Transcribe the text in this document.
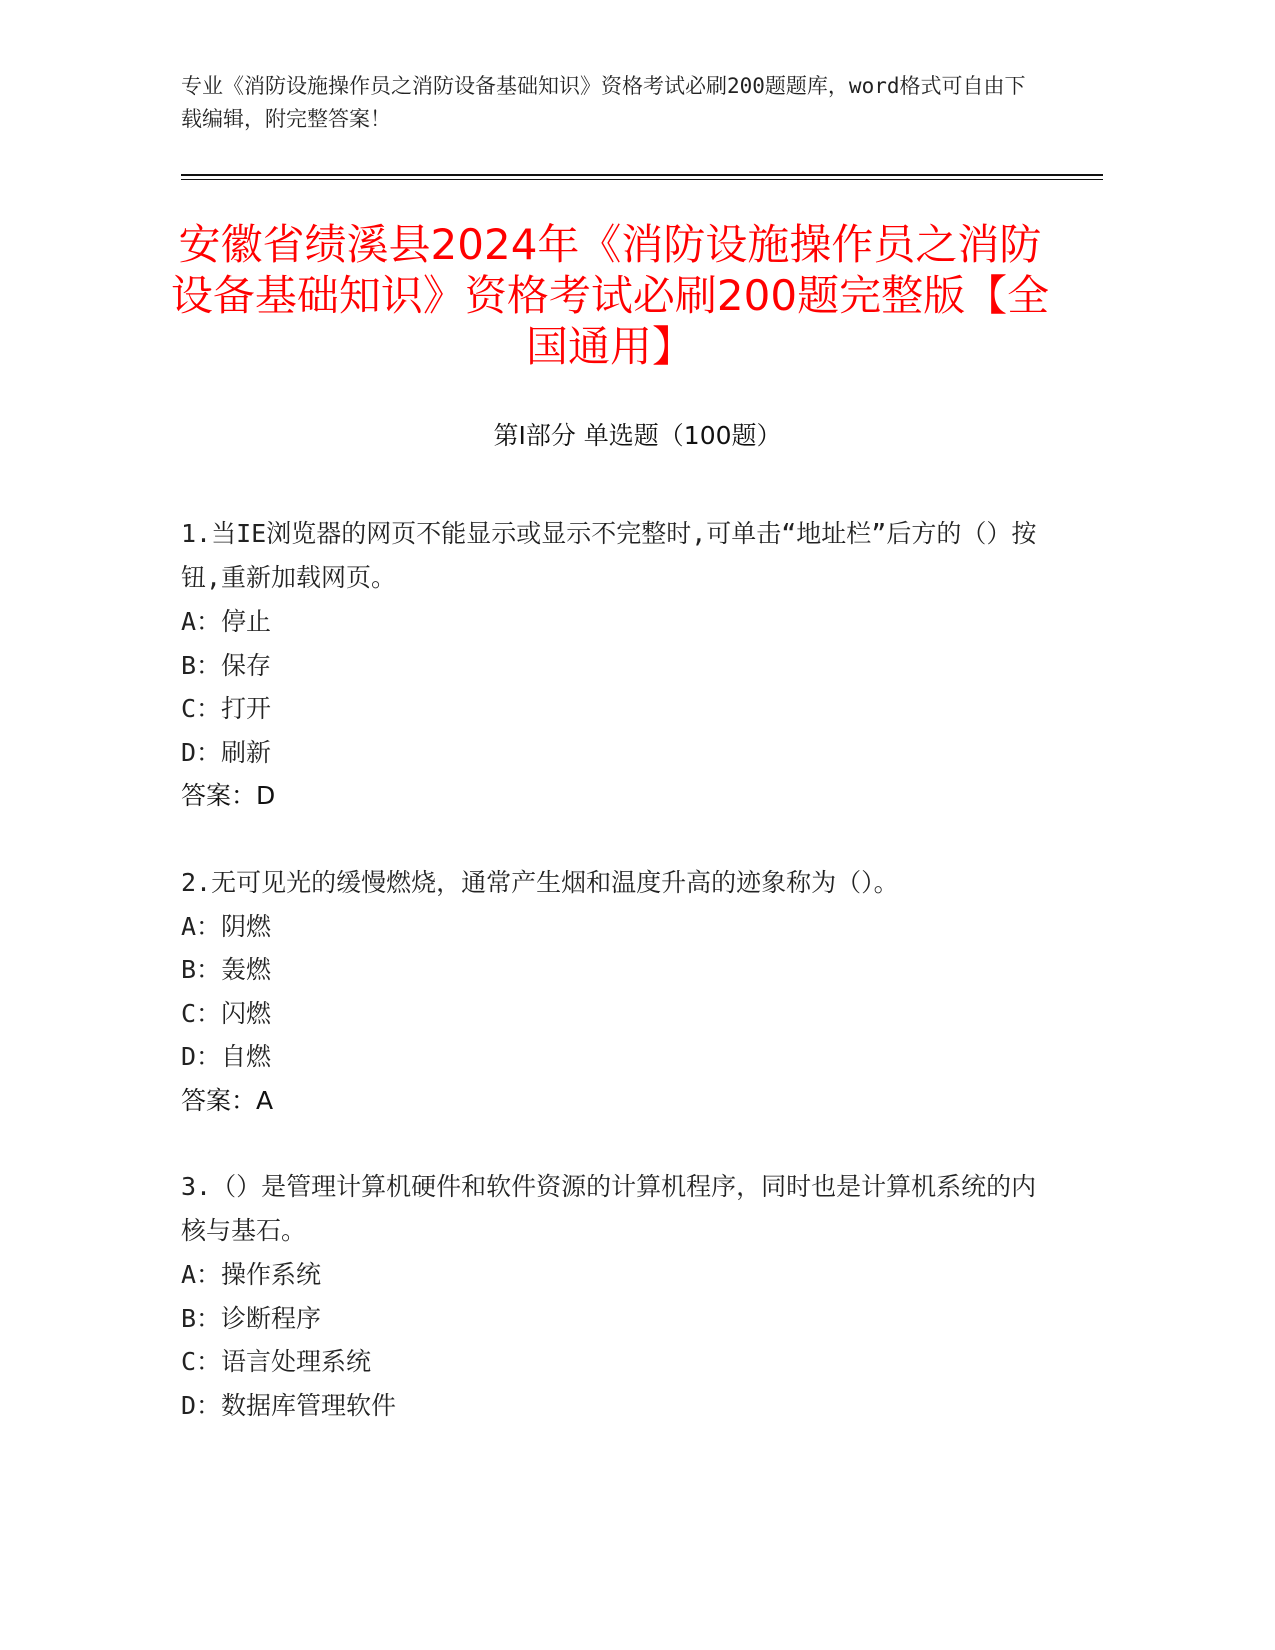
专业《消防设施操作员之消防设备基础知识》资格考试必刷200题题库，word格式可自由下载编辑，附完整答案！
安徽省绩溪县2024年《消防设施操作员之消防设备基础知识》资格考试必刷200题完整版【全国通用】
第I部分 单选题（100题）
1.当IE浏览器的网页不能显示或显示不完整时,可单击“地址栏”后方的（）按钮,重新加载网页。
A：停止
B：保存
C：打开
D：刷新
答案：D
2.无可见光的缓慢燃烧，通常产生烟和温度升高的迹象称为（）。
A：阴燃
B：轰燃
C：闪燃
D：自燃
答案：A
3.（）是管理计算机硬件和软件资源的计算机程序，同时也是计算机系统的内核与基石。
A：操作系统
B：诊断程序
C：语言处理系统
D：数据库管理软件
